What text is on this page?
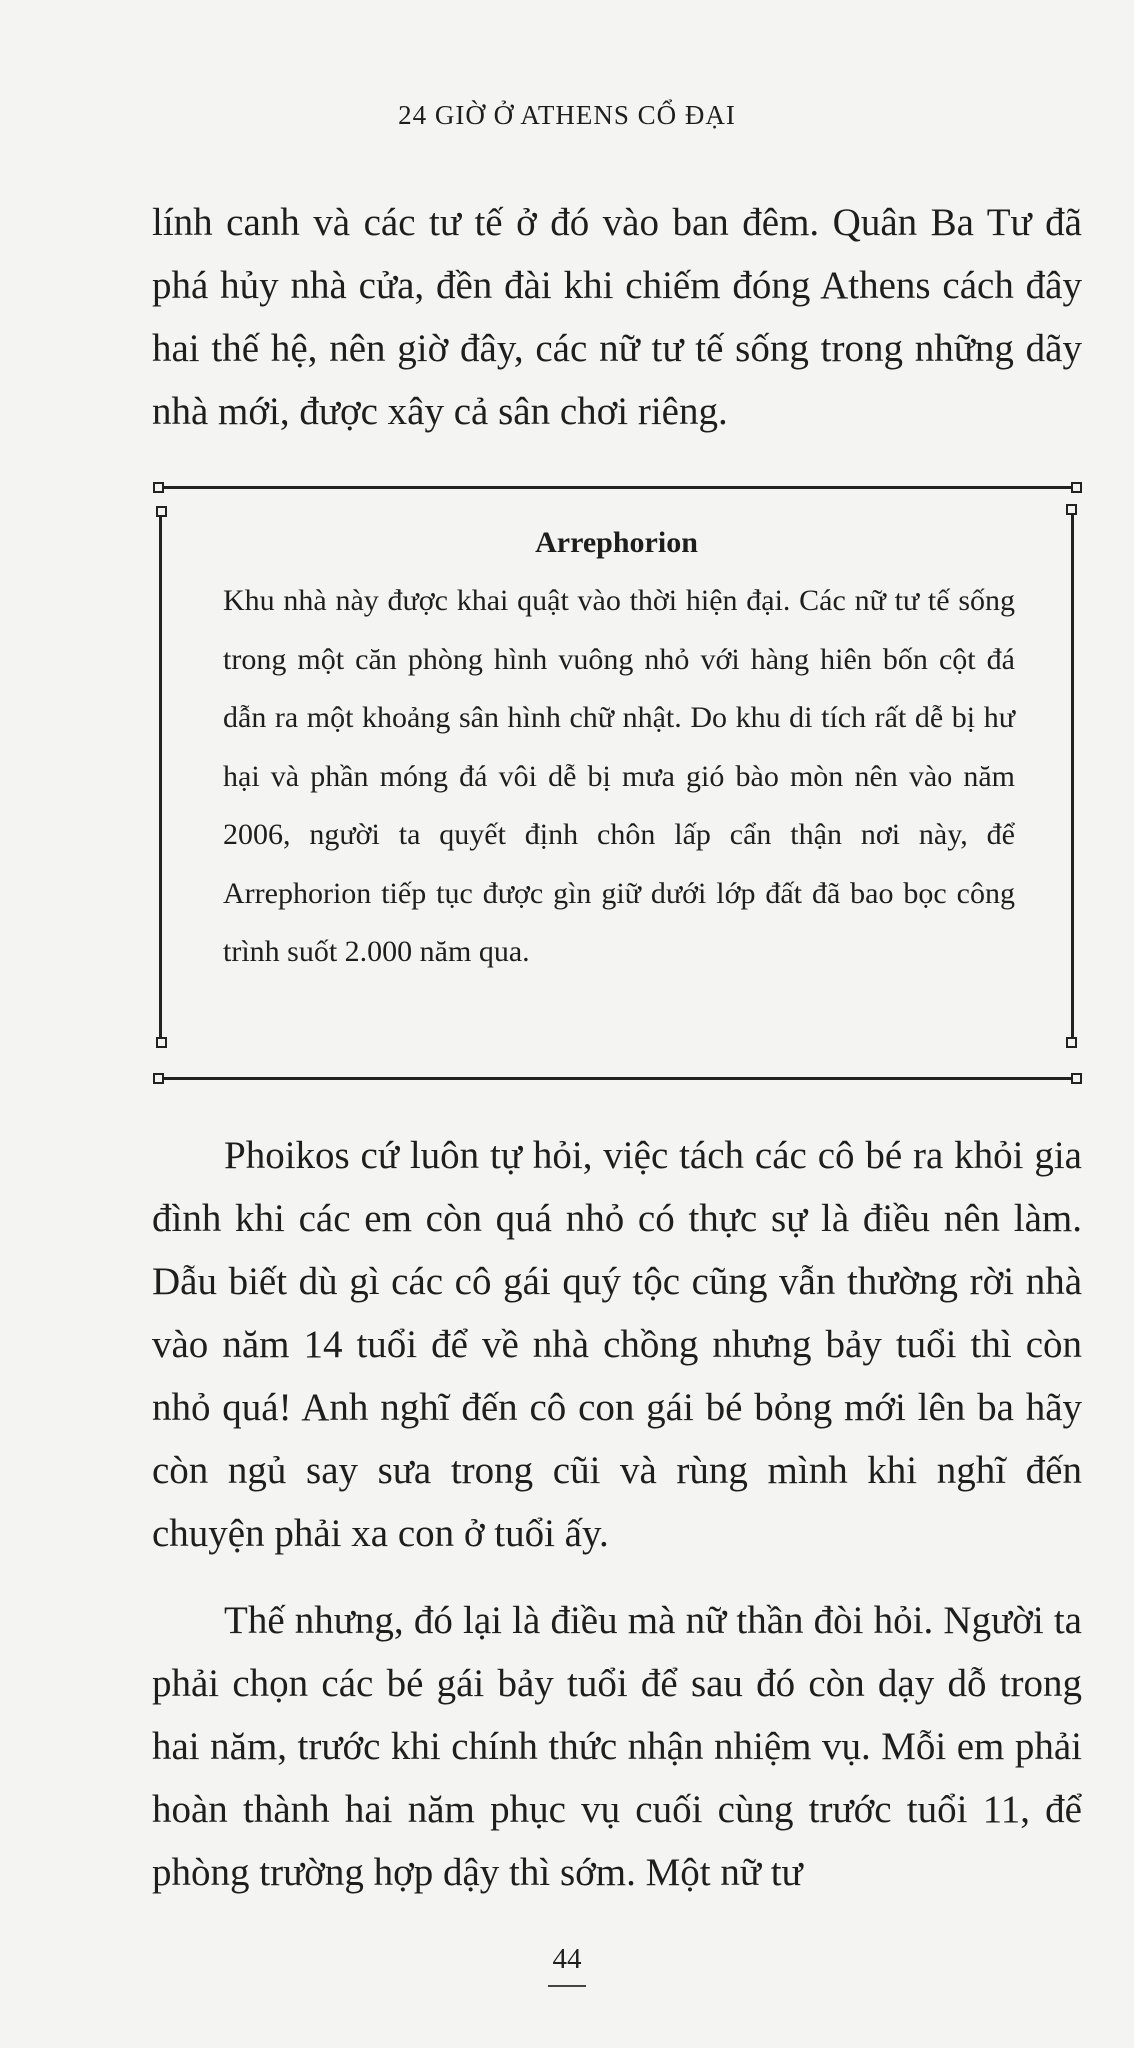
24 GIỜ Ở ATHENS CỔ ĐẠI

lính canh và các tư tế ở đó vào ban đêm. Quân Ba Tư đã phá hủy nhà cửa, đền đài khi chiếm đóng Athens cách đây hai thế hệ, nên giờ đây, các nữ tư tế sống trong những dãy nhà mới, được xây cả sân chơi riêng.

Arrephorion

Khu nhà này được khai quật vào thời hiện đại. Các nữ tư tế sống trong một căn phòng hình vuông nhỏ với hàng hiên bốn cột đá dẫn ra một khoảng sân hình chữ nhật. Do khu di tích rất dễ bị hư hại và phần móng đá vôi dễ bị mưa gió bào mòn nên vào năm 2006, người ta quyết định chôn lấp cẩn thận nơi này, để Arrephorion tiếp tục được gìn giữ dưới lớp đất đã bao bọc công trình suốt 2.000 năm qua.

Phoikos cứ luôn tự hỏi, việc tách các cô bé ra khỏi gia đình khi các em còn quá nhỏ có thực sự là điều nên làm. Dẫu biết dù gì các cô gái quý tộc cũng vẫn thường rời nhà vào năm 14 tuổi để về nhà chồng nhưng bảy tuổi thì còn nhỏ quá! Anh nghĩ đến cô con gái bé bỏng mới lên ba hãy còn ngủ say sưa trong cũi và rùng mình khi nghĩ đến chuyện phải xa con ở tuổi ấy.

Thế nhưng, đó lại là điều mà nữ thần đòi hỏi. Người ta phải chọn các bé gái bảy tuổi để sau đó còn dạy dỗ trong hai năm, trước khi chính thức nhận nhiệm vụ. Mỗi em phải hoàn thành hai năm phục vụ cuối cùng trước tuổi 11, để phòng trường hợp dậy thì sớm. Một nữ tư

44
